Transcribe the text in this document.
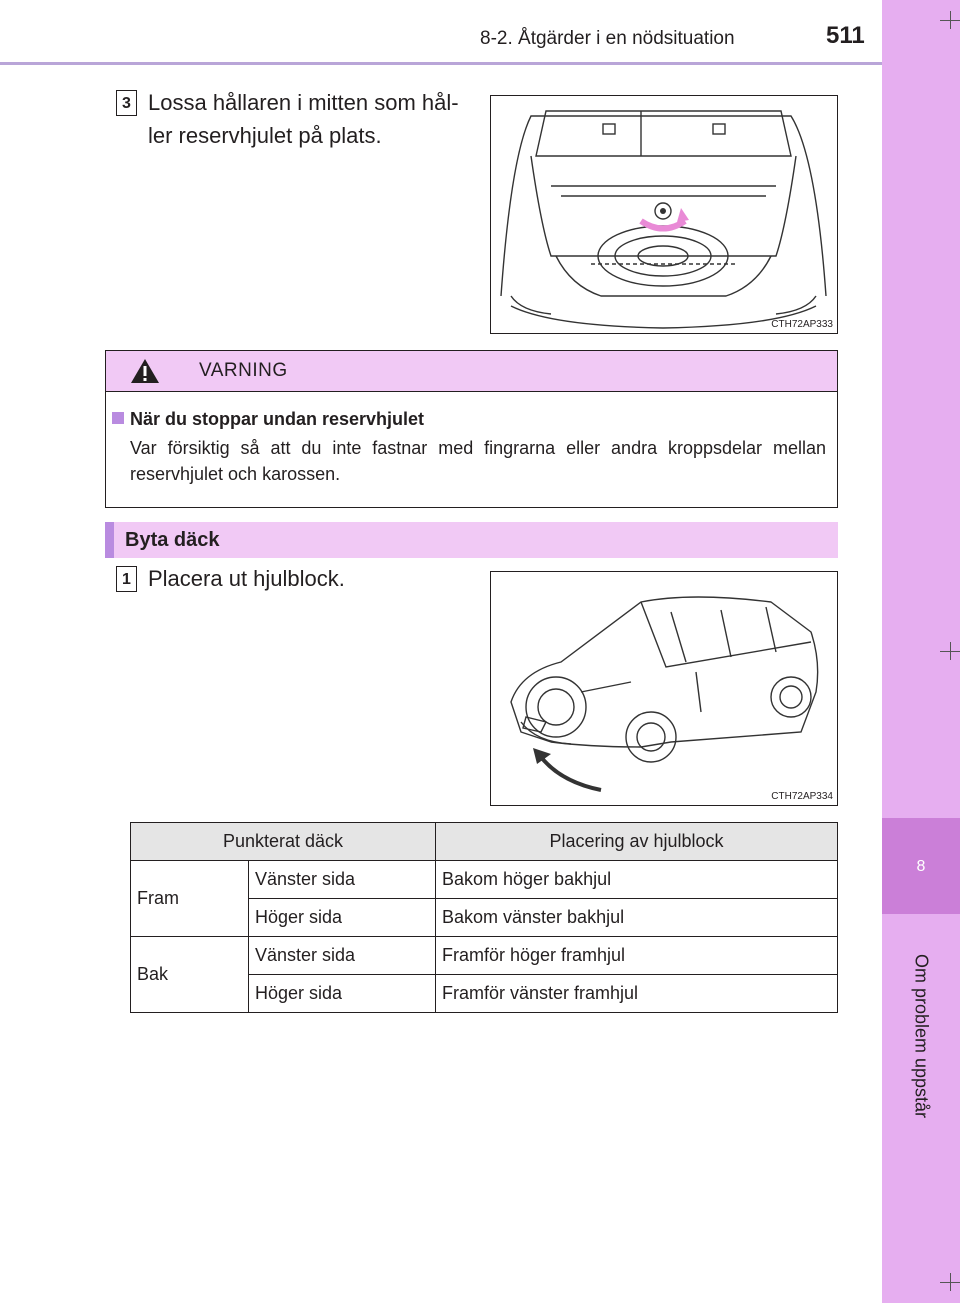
8-2. Åtgärder i en nödsituation	511
8
Om problem uppstår
3 Lossa hållaren i mitten som hål-
ler reservhjulet på plats.
CTH72AP333
VARNING
När du stoppar undan reservhjulet
Var försiktig så att du inte fastnar med fingrarna eller andra kroppsdelar mellan reservhjulet och karossen.
Byta däck
1 Placera ut hjulblock.
CTH72AP334
Punkterat däck		Placering av hjulblock
Fram	Vänster sida	Bakom höger bakhjul
	Höger sida	Bakom vänster bakhjul
Bak	Vänster sida	Framför höger framhjul
	Höger sida	Framför vänster framhjul
